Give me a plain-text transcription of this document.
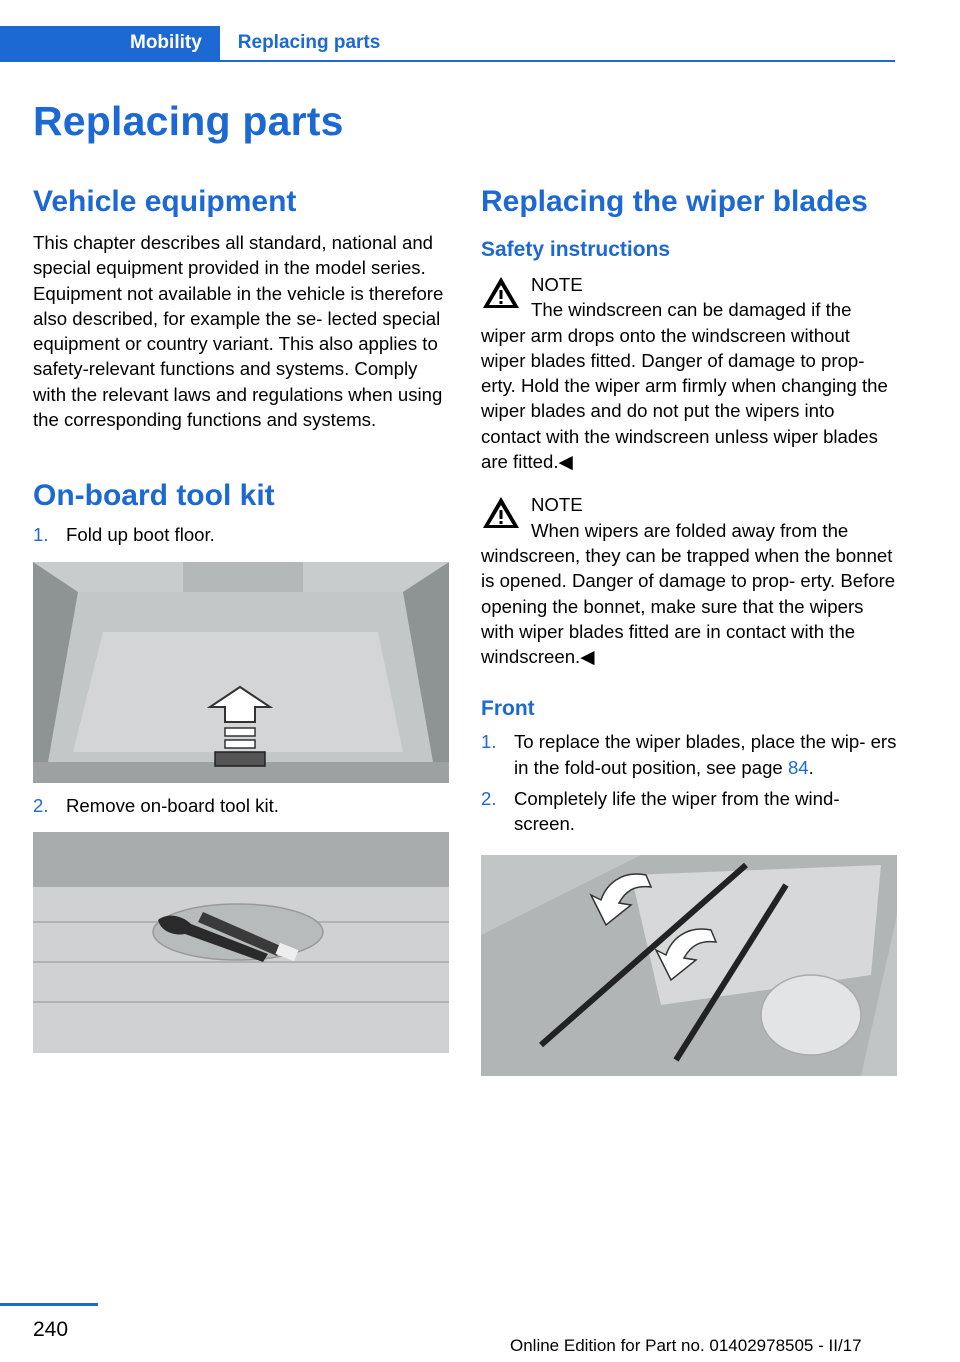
Mobility	Replacing parts
Replacing parts
Vehicle equipment

This chapter describes all standard, national and special equipment provided in the model series. Equipment not available in the vehicle is therefore also described, for example the se‐ lected special equipment or country variant. This also applies to safety-relevant functions and systems. Comply with the relevant laws and regulations when using the corresponding functions and systems.

On-board tool kit
1. Fold up boot floor.
2. Remove on-board tool kit.
Replacing the wiper blades
Safety instructions
NOTE
The windscreen can be damaged if the
wiper arm drops onto the windscreen without wiper blades fitted. Danger of damage to prop‐ erty. Hold the wiper arm firmly when changing the wiper blades and do not put the wipers into contact with the windscreen unless wiper blades are fitted.◀
NOTE
When wipers are folded away from the
windscreen, they can be trapped when the bonnet is opened. Danger of damage to prop‐ erty. Before opening the bonnet, make sure that the wipers with wiper blades fitted are in contact with the windscreen.◀
Front
1. To replace the wiper blades, place the wip‐ ers in the fold-out position, see page 84.
2. Completely life the wiper from the wind‐ screen.
240
Online Edition for Part no. 01402978505 - II/17
